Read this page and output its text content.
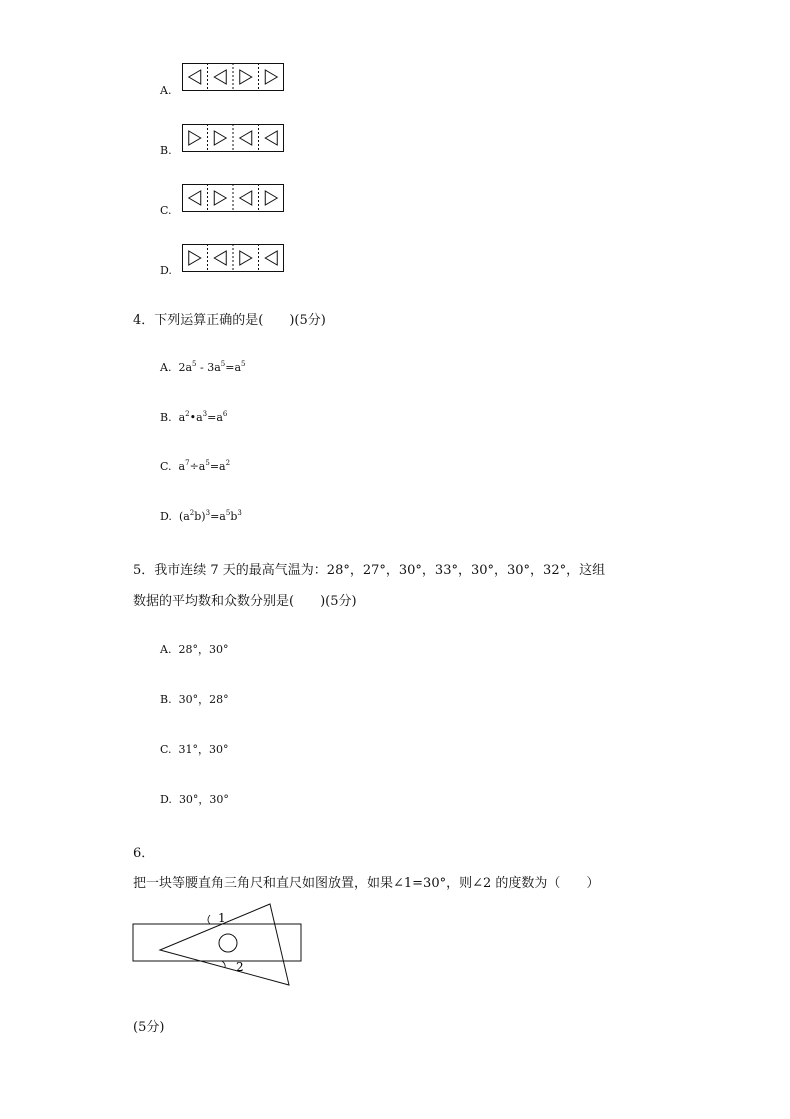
A.
B.
C.
D.
4．下列运算正确的是(　　)(5分)
A. $2a^5 - 3a^5=a^5$
B. $a^2•a^3=a^6$
C. $a^7\div a^5=a^2$
D. $(a^2b)^3=a^5b^3$
5．我市连续 7 天的最高气温为：28°，27°，30°，33°，30°，30°，32°，这组
数据的平均数和众数分别是(　　)(5分)
A. 28°，30°
B. 30°，28°
C. 31°，30°
D. 30°，30°
6．
把一块等腰直角三角尺和直尺如图放置，如果∠1=30°，则∠2 的度数为（　　）
1
2
(5分)
